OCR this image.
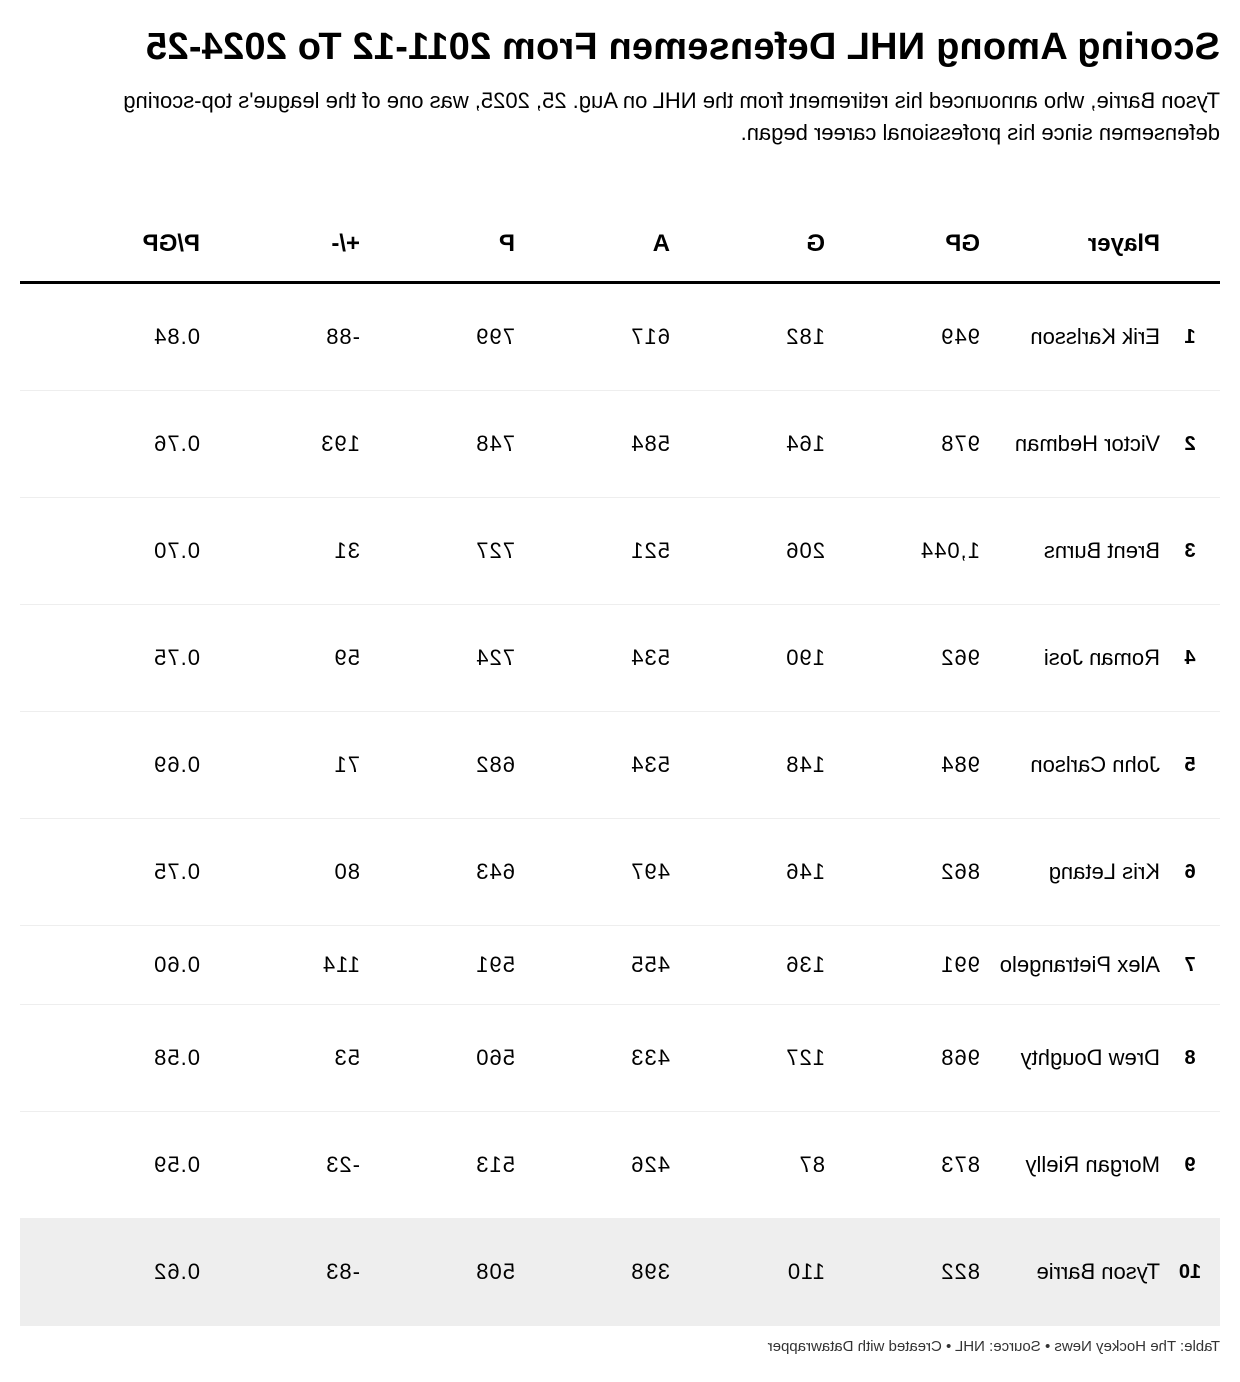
Scoring Among NHL Defensemen From 2011-12 To 2024-25

Tyson Barrie, who announced his retirement from the NHL on Aug. 25, 2025, was one of the league's top-scoring defensemen since his professional career began.

	Player	GP	G	A	P	+/-	P/GP
1	Erik Karlsson	949	182	617	799	-88	0.84
2	Victor Hedman	978	164	584	748	193	0.76
3	Brent Burns	1,044	206	521	727	31	0.70
4	Roman Josi	962	190	534	724	59	0.75
5	John Carlson	984	148	534	682	71	0.69
6	Kris Letang	862	146	497	643	80	0.75
7	Alex Pietrangelo	991	136	455	591	114	0.60
8	Drew Doughty	968	127	433	560	53	0.58
9	Morgan Rielly	873	87	426	513	-23	0.59
10	Tyson Barrie	822	110	398	508	-83	0.62
Table: The Hockey News • Source: NHL • Created with Datawrapper
